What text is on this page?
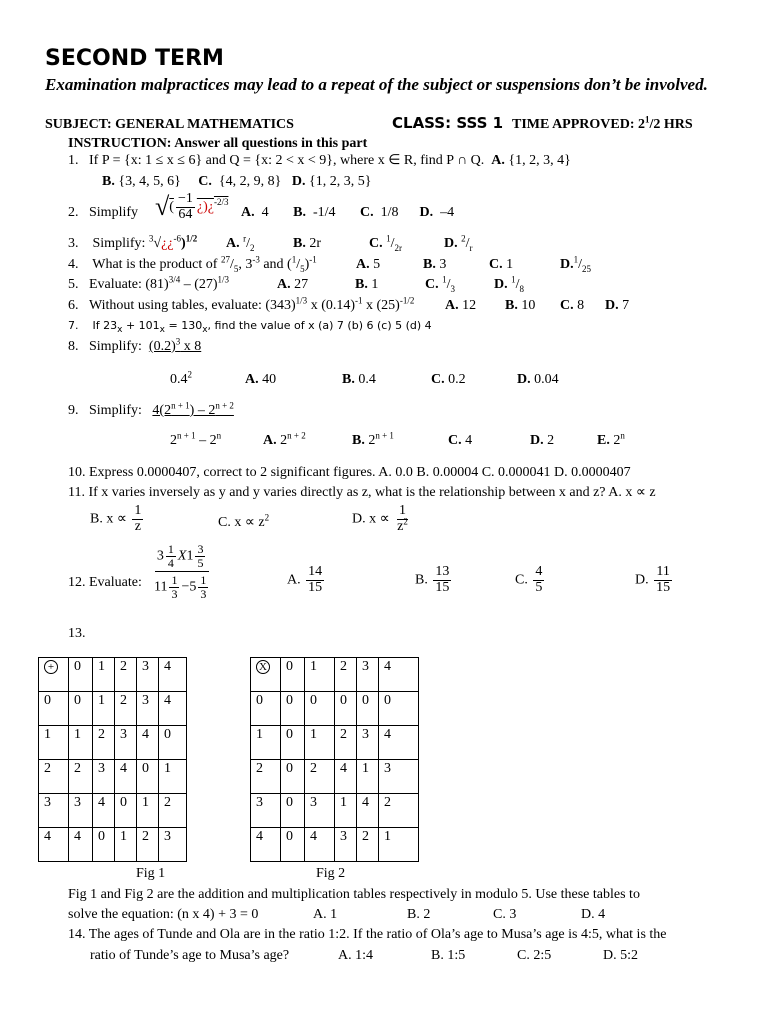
SECOND TERM
Examination malpractices may lead to a repeat of the subject or suspensions don’t be involved.
SUBJECT: GENERAL MATHEMATICS	CLASS: SSS 1 TIME APPROVED: $2^1/2$ HRS
INSTRUCTION: Answer all questions in this part
1. If P = {x: 1 ≤ x ≤ 6} and Q = {x: 2 < x < 9}, where x ∈ R, find P ∩ Q. A. {1, 2, 3, 4}
B. {3, 4, 5, 6} C. {4, 2, 9, 8} D. {1, 2, 3, 5}
2. Simplify √( $\frac{-1}{64}$ ¿)¿$^{-2/3}$
A. 4 B. -1/4 C. 1/8 D. –4
3. Simplify: $^3$√¿¿$^{-6}$)$^{1/2}$ A. $^r/_2$	B. 2r	C. $^1/_{2r}$	D. $^2/_r$
4. What is the product of $^{27}/_5$, $3^{-3}$ and $(^1/_5)^{-1}$	A. 5	B. 3	C. 1	$D.^1/_{25}$
5. Evaluate: $(81)^{3/4} - (27)^{1/3}$	A. 27	B. 1	C. $^1/_3$	D. $^1/_8$
6. Without using tables, evaluate: $(343)^{1/3}$ x $(0.14)^{-1}$ x $(25)^{-1/2}$ A. 12 B. 10 C. 8 D. 7
7. If $23_x + 101_x = 130_x$, find the value of x (a) 7 (b) 6 (c) 5 (d) 4
8. Simplify: $(0.2)^3$ x 8
$0.4^2$	A. 40	B. 0.4	C. 0.2	D. 0.04
9. Simplify: $4(2^{n + 1}) - 2^{n + 2}$
$2^{n + 1} - 2^n$	A. $2^{n + 2}$	B. $2^{n + 1}$	C. 4	D. 2	E. 2$^n$
10. Express 0.0000407, correct to 2 significant figures. A. 0.0 B. 0.00004 C. 0.000041 D. 0.0000407
11. If x varies inversely as y and y varies directly as z, what is the relationship between x and z? A. x ∝ z
B. $x \propto \frac{1}{z}$	C. $x \propto z^2$	D. $x \propto \frac{1}{z^2}$
12. Evaluate: $\frac{3 \frac{1}{4} X1 \frac{3}{5}}{11 \frac{1}{3} -5 \frac{1}{3}}$	A. $\frac{14}{15}$	B. $\frac{13}{15}$	C. $\frac{4}{5}$	D. $\frac{11}{15}$
13.
+	0	1	2	3	4
0	0	1	2	3	4
1	1	2	3	4	0
2	2	3	4	0	1
3	3	4	0	1	2
4	4	0	1	2	3
X	0	1	2	3	4
0	0	0	0	0	0
1	0	1	2	3	4
2	0	2	4	1	3
3	0	3	1	4	2
4	0	4	3	2	1
Fig 1	Fig 2
Fig 1 and Fig 2 are the addition and multiplication tables respectively in modulo 5. Use these tables to
solve the equation: (n x 4) + 3 = 0	A. 1	B. 2	C. 3	D. 4
14. The ages of Tunde and Ola are in the ratio 1:2. If the ratio of Ola’s age to Musa’s age is 4:5, what is the
ratio of Tunde’s age to Musa’s age?	A. 1:4	B. 1:5	C. 2:5	D. 5:2
